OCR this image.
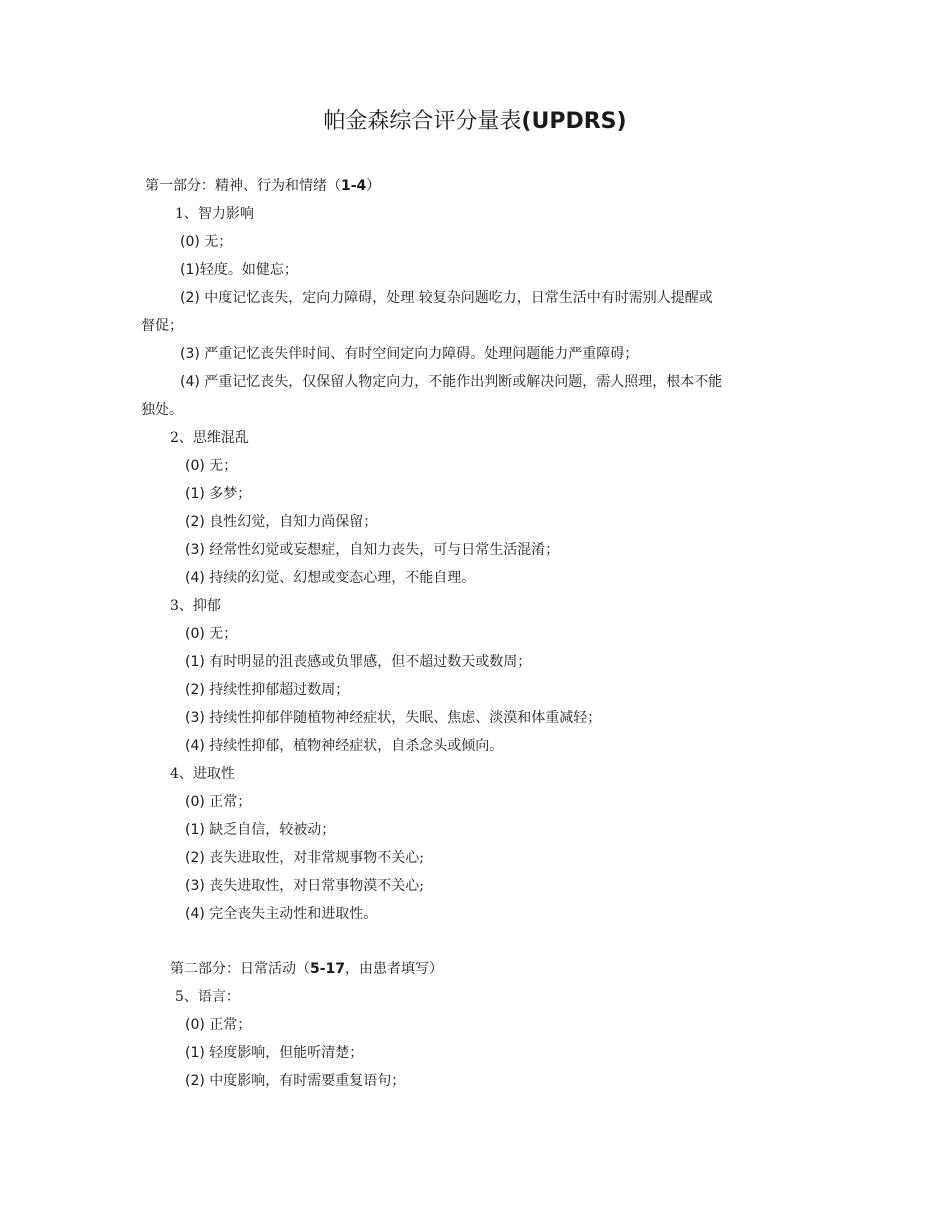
帕金森综合评分量表(UPDRS)
第一部分：精神、行为和情绪（1-4）
1、智力影响
(0) 无；
(1)轻度。如健忘；
(2) 中度记忆丧失，定向力障碍，处理 较复杂问题吃力，日常生活中有时需别人提醒或
督促；
(3) 严重记忆丧失伴时间、有时空间定向力障碍。处理问题能力严重障碍；
(4) 严重记忆丧失，仅保留人物定向力，不能作出判断或解决问题，需人照理，根本不能
独处。
2、思维混乱
(0) 无；
(1) 多梦；
(2) 良性幻觉，自知力尚保留；
(3) 经常性幻觉或妄想症，自知力丧失，可与日常生活混淆；
(4) 持续的幻觉、幻想或变态心理，不能自理。
3、抑郁
(0) 无；
(1) 有时明显的沮丧感或负罪感，但不超过数天或数周；
(2) 持续性抑郁超过数周；
(3) 持续性抑郁伴随植物神经症状，失眠、焦虑、淡漠和体重减轻；
(4) 持续性抑郁，植物神经症状，自杀念头或倾向。
4、进取性
(0) 正常；
(1) 缺乏自信，较被动；
(2) 丧失进取性，对非常规事物不关心;
(3) 丧失进取性，对日常事物漠不关心;
(4) 完全丧失主动性和进取性。
第二部分：日常活动（5-17，由患者填写）
5、语言：
(0) 正常；
(1) 轻度影响，但能听清楚；
(2) 中度影响，有时需要重复语句；
